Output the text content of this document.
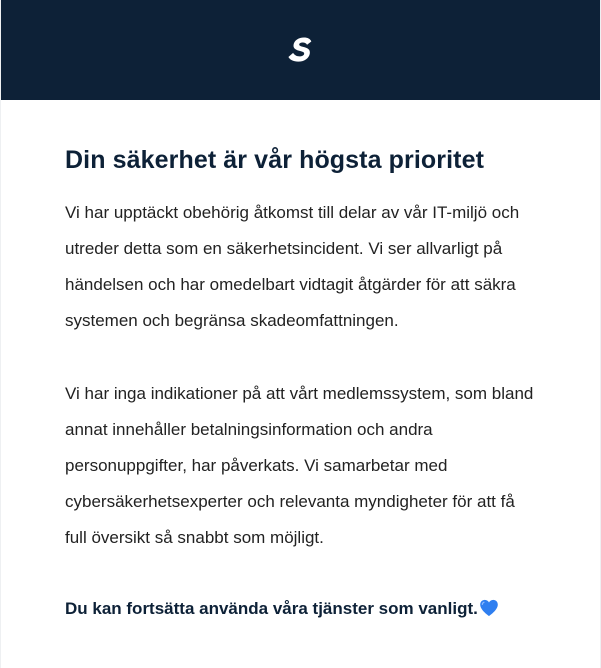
Din säkerhet är vår högsta prioritet

Vi har upptäckt obehörig åtkomst till delar av vår IT-miljö och utreder detta som en säkerhetsincident. Vi ser allvarligt på händelsen och har omedelbart vidtagit åtgärder för att säkra systemen och begränsa skadeomfattningen.

Vi har inga indikationer på att vårt medlemssystem, som bland annat innehåller betalningsinformation och andra personuppgifter, har påverkats. Vi samarbetar med cybersäkerhetsexperter och relevanta myndigheter för att få full översikt så snabbt som möjligt.

Du kan fortsätta använda våra tjänster som vanligt.
